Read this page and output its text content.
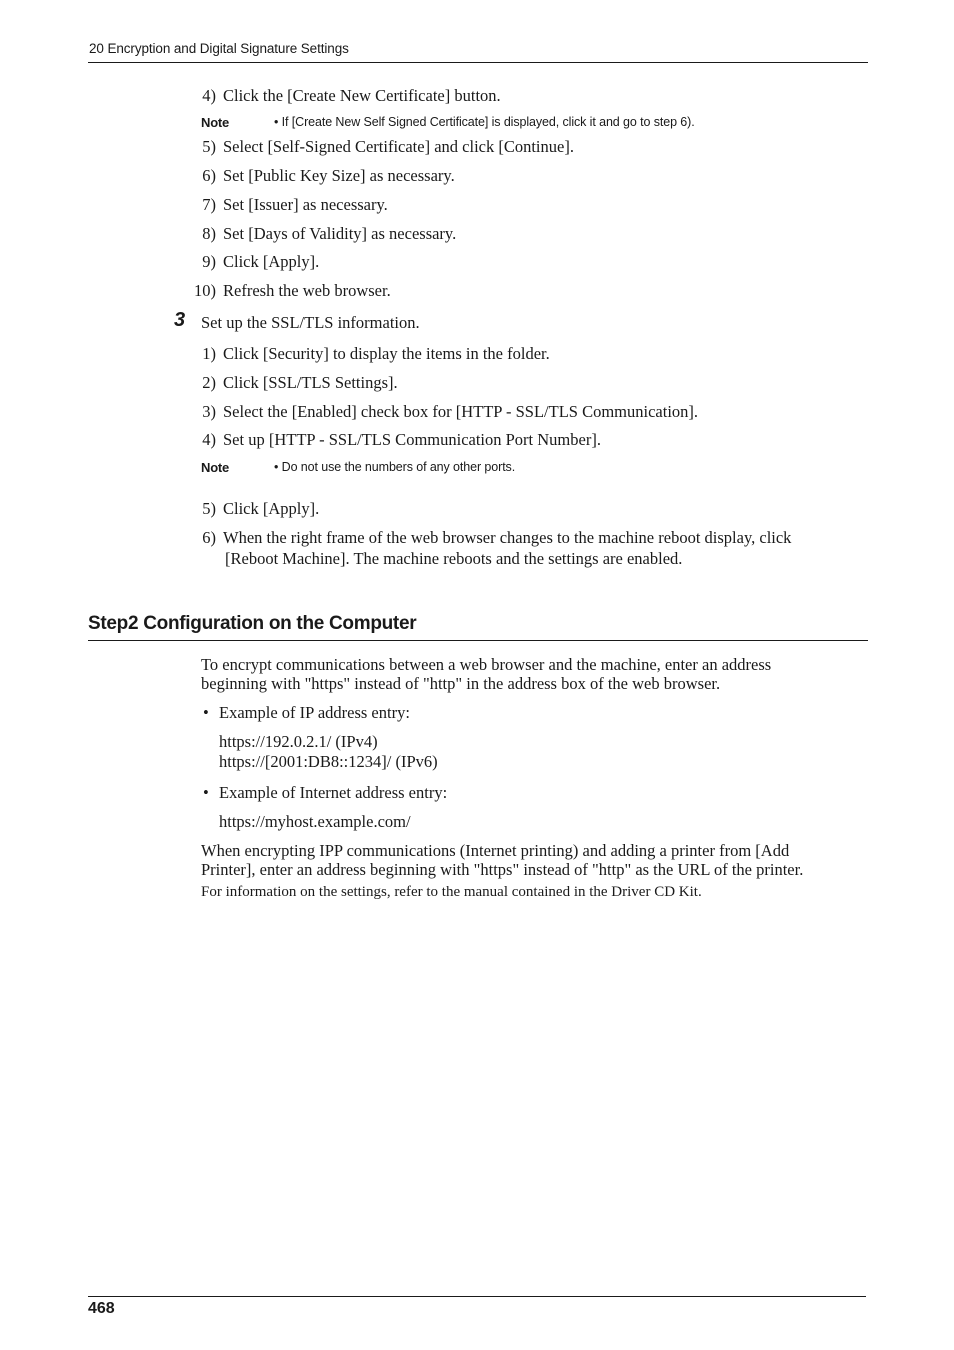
20 Encryption and Digital Signature Settings
4) Click the [Create New Certificate] button.
Note	• If [Create New Self Signed Certificate] is displayed, click it and go to step 6).
5) Select [Self-Signed Certificate] and click [Continue].
6) Set [Public Key Size] as necessary.
7) Set [Issuer] as necessary.
8) Set [Days of Validity] as necessary.
9) Click [Apply].
10) Refresh the web browser.
3 Set up the SSL/TLS information.
1) Click [Security] to display the items in the folder.
2) Click [SSL/TLS Settings].
3) Select the [Enabled] check box for [HTTP - SSL/TLS Communication].
4) Set up [HTTP - SSL/TLS Communication Port Number].
Note	• Do not use the numbers of any other ports.
5) Click [Apply].
6) When the right frame of the web browser changes to the machine reboot display, click
[Reboot Machine]. The machine reboots and the settings are enabled.
Step2 Configuration on the Computer
To encrypt communications between a web browser and the machine, enter an address
beginning with "https" instead of "http" in the address box of the web browser.
• Example of IP address entry:
https://192.0.2.1/ (IPv4)
https://[2001:DB8::1234]/ (IPv6)
• Example of Internet address entry:
https://myhost.example.com/
When encrypting IPP communications (Internet printing) and adding a printer from [Add
Printer], enter an address beginning with "https" instead of "http" as the URL of the printer.
For information on the settings, refer to the manual contained in the Driver CD Kit.
468
